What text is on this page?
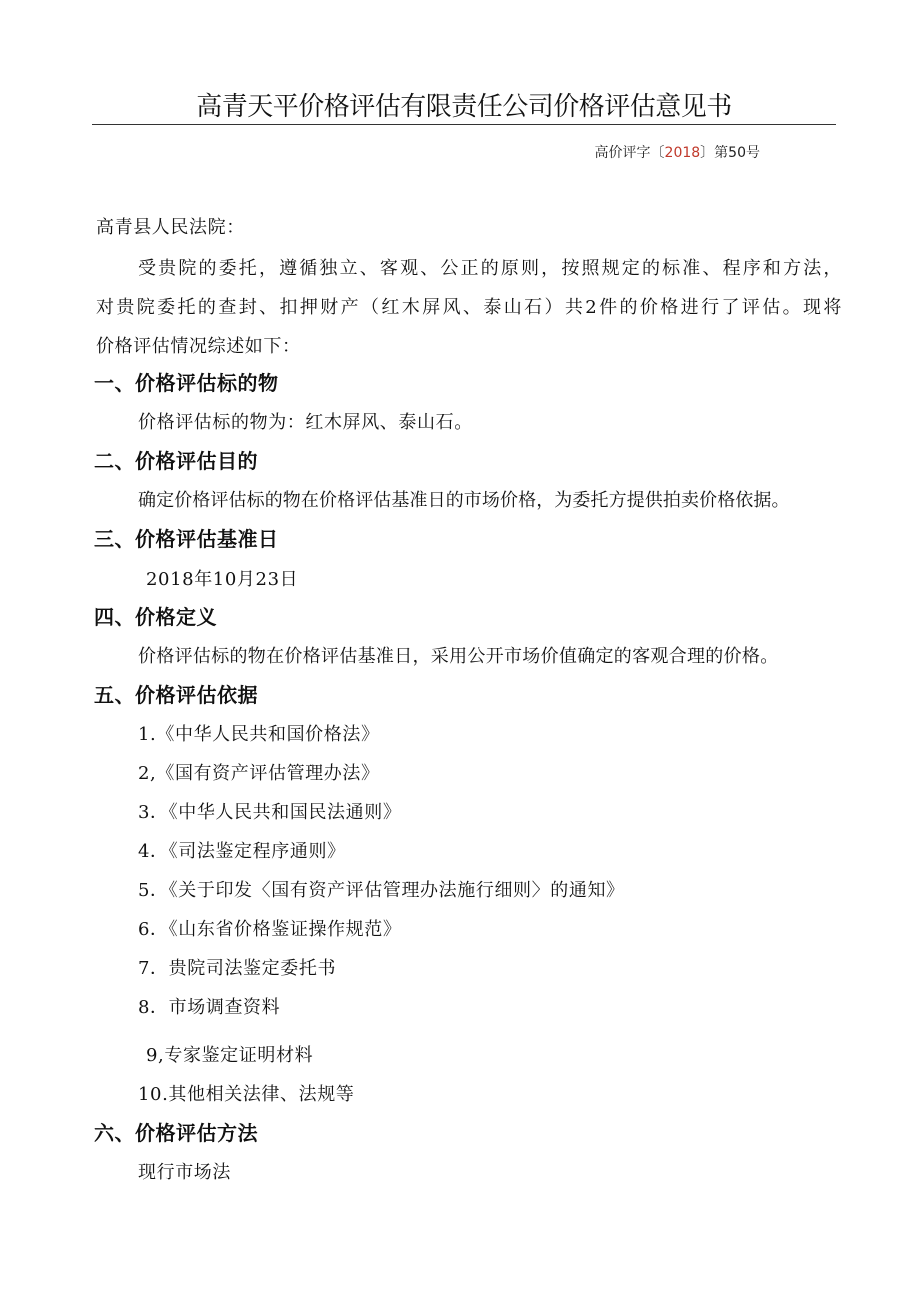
高青天平价格评估有限责任公司价格评估意见书
高价评字〔2018〕第50号
高青县人民法院：
受贵院的委托，遵循独立、客观、公正的原则，按照规定的标准、程序和方法，
对贵院委托的查封、扣押财产（红木屏风、泰山石）共2件的价格进行了评估。现将
价格评估情况综述如下：
一、价格评估标的物
价格评估标的物为：红木屏风、泰山石。
二、价格评估目的
确定价格评估标的物在价格评估基准日的市场价格，为委托方提供拍卖价格依据。
三、价格评估基准日
2018年10月23日
四、价格定义
价格评估标的物在价格评估基准日，采用公开市场价值确定的客观合理的价格。
五、价格评估依据
1.《中华人民共和国价格法》
2,《国有资产评估管理办法》
3．《中华人民共和国民法通则》
4．《司法鉴定程序通则》
5．《关于印发〈国有资产评估管理办法施行细则〉的通知》
6．《山东省价格鉴证操作规范》
7．贵院司法鉴定委托书
8．市场调查资料
9,专家鉴定证明材料
10.其他相关法律、法规等
六、价格评估方法
现行市场法
